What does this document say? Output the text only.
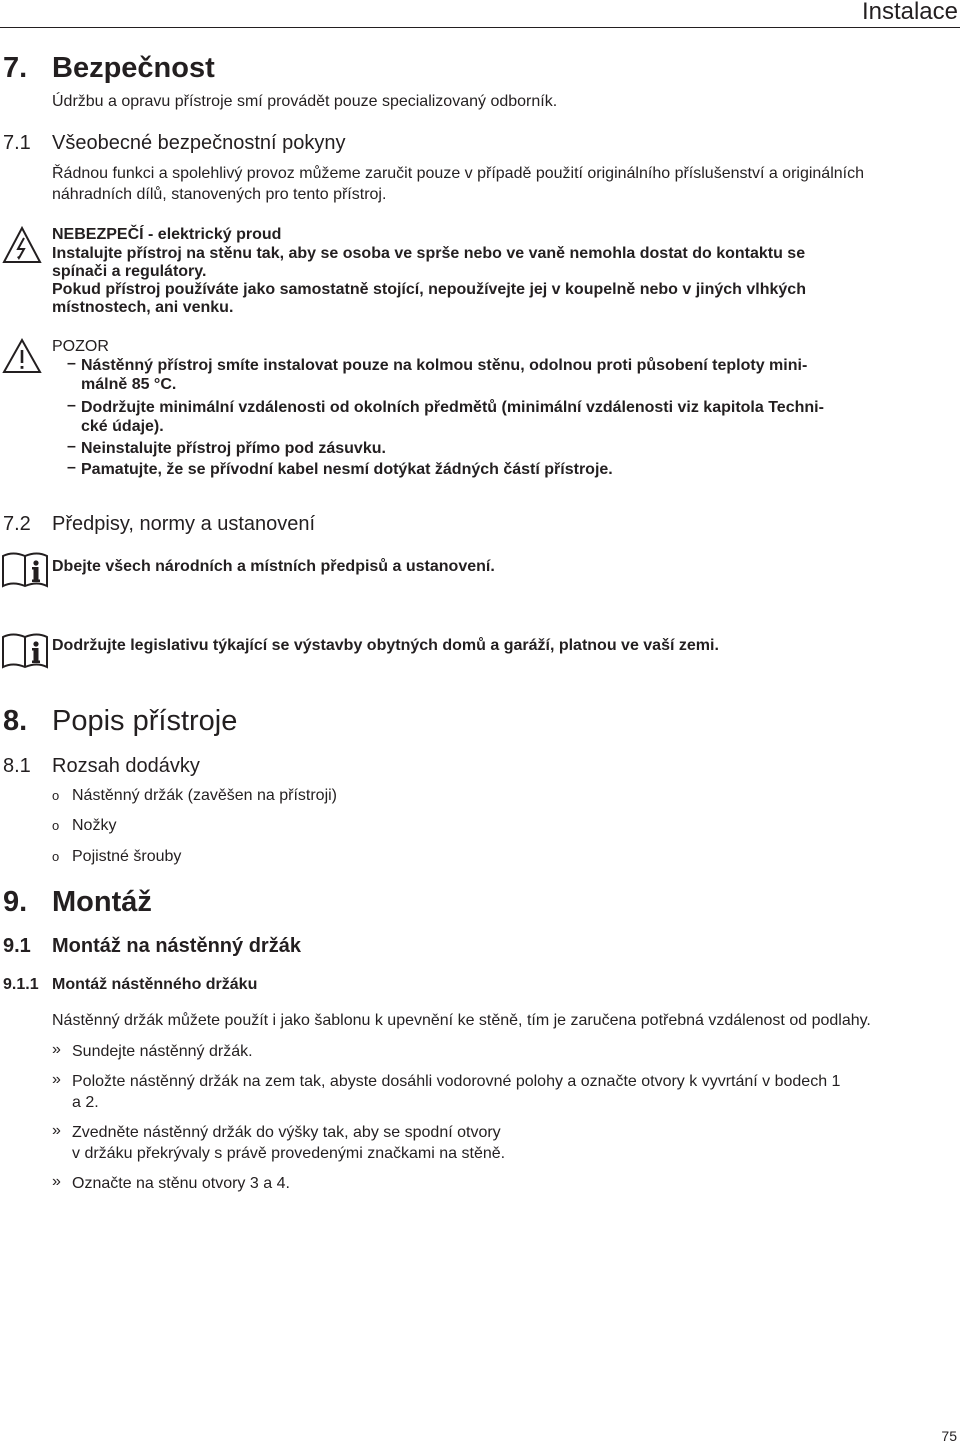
Instalace
7. Bezpečnost
Údržbu a opravu přístroje smí provádět pouze specializovaný odborník.
7.1 Všeobecné bezpečnostní pokyny
Řádnou funkci a spolehlivý provoz můžeme zaručit pouze v případě použití originálního příslušenství a originálních
náhradních dílů, stanovených pro tento přístroj.
NEBEZPEČÍ - elektrický proud
Instalujte přístroj na stěnu tak, aby se osoba ve sprše nebo ve vaně nemohla dostat do kontaktu se
spínači a regulátory.
Pokud přístroj používáte jako samostatně stojící, nepoužívejte jej v koupelně nebo v jiných vlhkých
místnostech, ani venku.
POZOR
– Nástěnný přístroj smíte instalovat pouze na kolmou stěnu, odolnou proti působení teploty mini-
málně 85 °C.
– Dodržujte minimální vzdálenosti od okolních předmětů (minimální vzdálenosti viz kapitola Techni-
cké údaje).
– Neinstalujte přístroj přímo pod zásuvku.
– Pamatujte, že se přívodní kabel nesmí dotýkat žádných částí přístroje.
7.2 Předpisy, normy a ustanovení
Dbejte všech národních a místních předpisů a ustanovení.
Dodržujte legislativu týkající se výstavby obytných domů a garáží, platnou ve vaší zemi.
8. Popis přístroje
8.1 Rozsah dodávky
o Nástěnný držák (zavěšen na přístroji)
o Nožky
o Pojistné šrouby
9. Montáž
9.1 Montáž na nástěnný držák
9.1.1 Montáž nástěnného držáku
Nástěnný držák můžete použít i jako šablonu k upevnění ke stěně, tím je zaručena potřebná vzdálenost od podlahy.
» Sundejte nástěnný držák.
» Položte nástěnný držák na zem tak, abyste dosáhli vodorovné polohy a označte otvory k vyvrtání v bodech 1
a 2.
» Zvedněte nástěnný držák do výšky tak, aby se spodní otvory
v držáku překrývaly s právě provedenými značkami na stěně.
» Označte na stěnu otvory 3 a 4.
75
